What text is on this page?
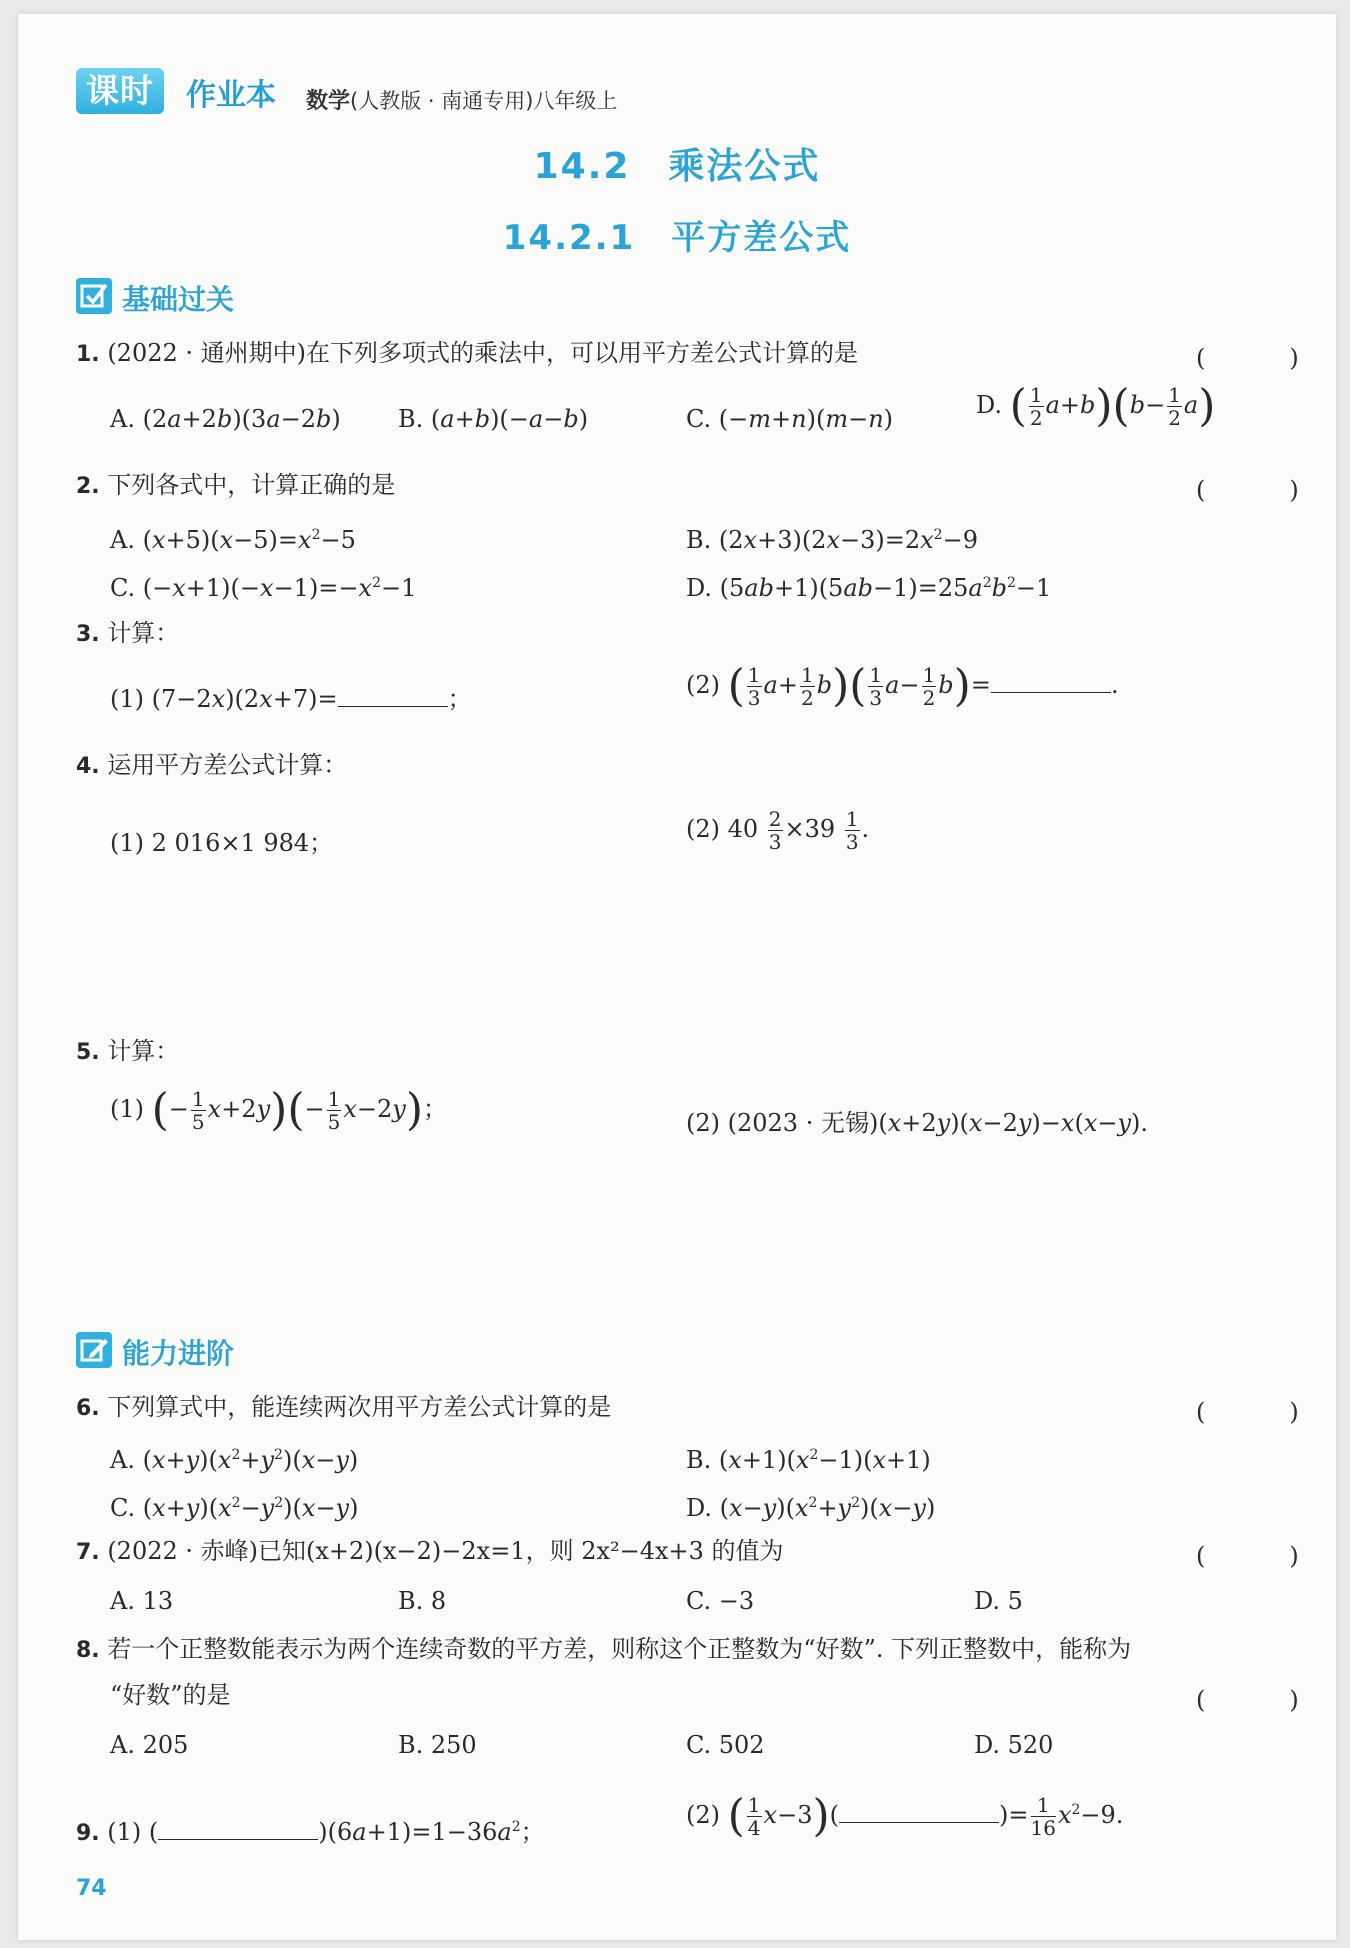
课时	作业本 数学(人教版 · 南通专用)八年级上
14.2　乘法公式
14.2.1　平方差公式
基础过关
1. (2022 · 通州期中)在下列多项式的乘法中，可以用平方差公式计算的是	(　)
A. (2a+2b)(3a−2b) B. (a+b)(−a−b)	C. (−m+n)(m−n)	D. ( $\frac{1}{2} a+b)(b- \frac{1}{2} a)$
2. 下列各式中，计算正确的是	(　)
A. $(x+5)(x-5)=x^2-5$	B. $(2x+3)(2x-3)=2x^2-9$
C. $(-x+1)(-x-1)=-x^2-1$	D. $(5ab+1)(5ab-1)=25a^2b^2-1$
3. 计算：
(1) (7−2x)(2x+7)=	；	(2) ( $\frac{1}{3} a+ \frac{1}{2} b)( \frac{1}{3} a- \frac{1}{2} b)=$	.
4. 运用平方差公式计算：
(1) 2 016×1 984；	(2) $40 \frac{2}{3} \times 39 \frac{1}{3}$ .
5. 计算：
(1) (− $\frac{1}{5} x+2y)(- \frac{1}{5} x-2y)$；	(2) (2023 · 无锡)(x+2y)(x−2y)−x(x−y).
能力进阶
6. 下列算式中，能连续两次用平方差公式计算的是	(　)
A. $(x+y)(x^2+y^2)(x-y)$	B. $(x+1)(x^2-1)(x+1)$
C. $(x+y)(x^2-y^2)(x-y)$	D. $(x-y)(x^2+y^2)(x-y)$
7. (2022 · 赤峰)已知(x+2)(x−2)−2x=1，则 2x²−4x+3 的值为	(　)
A. 13	B. 8	C. −3	D. 5
8. 若一个正整数能表示为两个连续奇数的平方差，则称这个正整数为“好数”. 下列正整数中，能称为
“好数”的是	(　)
A. 205	B. 250	C. 502	D. 520
9. (1) (	)$(6a+1)=1-36a^2$；
(2) ( $\frac{1}{4} x-3$)(	)= $\frac{1}{16} x^2-9$.
74
